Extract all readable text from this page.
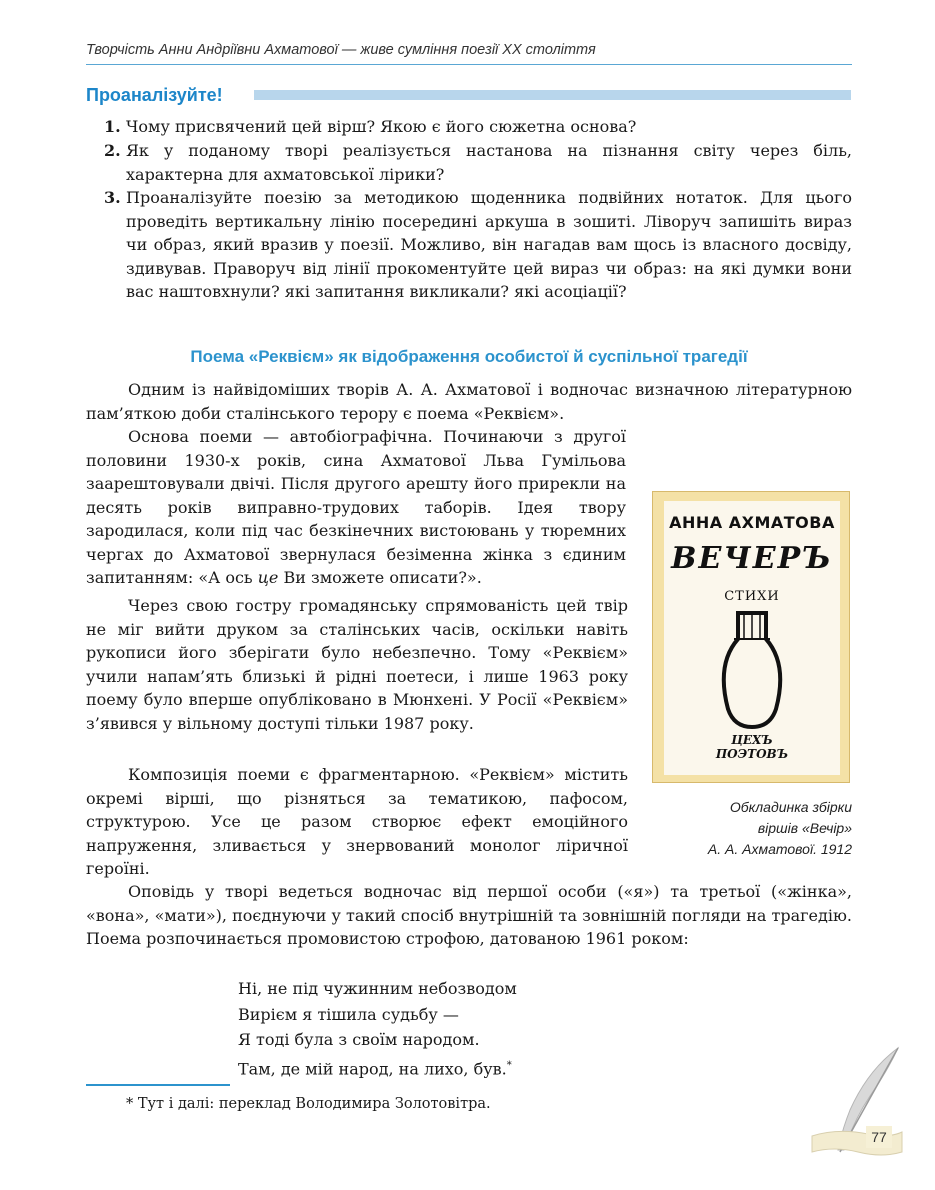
Творчість Анни Андріївни Ахматової — живе сумління поезії ХХ століття
Проаналізуйте!
1. Чому присвячений цей вірш? Якою є його сюжетна основа?
2. Як у поданому творі реалізується настанова на пізнання світу через біль, характерна для ахматовської лірики?
3. Проаналізуйте поезію за методикою щоденника подвійних нотаток. Для цього проведіть вертикальну лінію посередині аркуша в зошиті. Ліворуч запишіть вираз чи образ, який вразив у поезії. Можливо, він нагадав вам щось із власного досвіду, здивував. Праворуч від лінії прокоментуйте цей вираз чи образ: на які думки вони вас наштовхнули? які запитання викликали? які асоціації?
Поема «Реквієм» як відображення особистої й суспільної трагедії
Одним із найвідоміших творів А. А. Ахматової і водночас визначною літературною пам’яткою доби сталінського терору є поема «Реквієм».
Основа поеми — автобіографічна. Починаючи з другої половини 1930-х років, сина Ахматової Льва Гумільова заарештовували двічі. Після другого арешту його прирекли на десять років виправно-трудових таборів. Ідея твору зародилася, коли під час безкінечних вистоювань у тюремних чергах до Ахматової звернулася безіменна жінка з єдиним запитанням: «А ось це Ви зможете описати?».
Через свою гостру громадянську спрямованість цей твір не міг вийти друком за сталінських часів, оскільки навіть рукописи його зберігати було небезпечно. Тому «Реквієм» учили напам’ять близькі й рідні поетеси, і лише 1963 року поему було вперше опубліковано в Мюнхені. У Росії «Реквієм» з’явився у вільному доступі тільки 1987 року.
Композиція поеми є фрагментарною. «Реквієм» містить окремі вірші, що різняться за тематикою, пафосом, структурою. Усе це разом створює ефект емоційного напруження, зливається у знервований монолог ліричної героїні.
Оповідь у творі ведеться водночас від першої особи («я») та третьої («жінка», «вона», «мати»), поєднуючи у такий спосіб внутрішній та зовнішній погляди на трагедію. Поема розпочинається промовистою строфою, датованою 1961 роком:
АННА АХМАТОВА
ВЕЧЕРЪ
СТИХИ
ЦЕХЪ
ПОЭТОВЪ
Обкладинка збірки
віршів «Вечір»
А. А. Ахматової. 1912
Ні, не під чужинним небозводом
Вирієм я тішила судьбу —
Я тоді була з своїм народом.
Там, де мій народ, на лихо, був.*
* Тут і далі: переклад Володимира Золотовітра.
77
